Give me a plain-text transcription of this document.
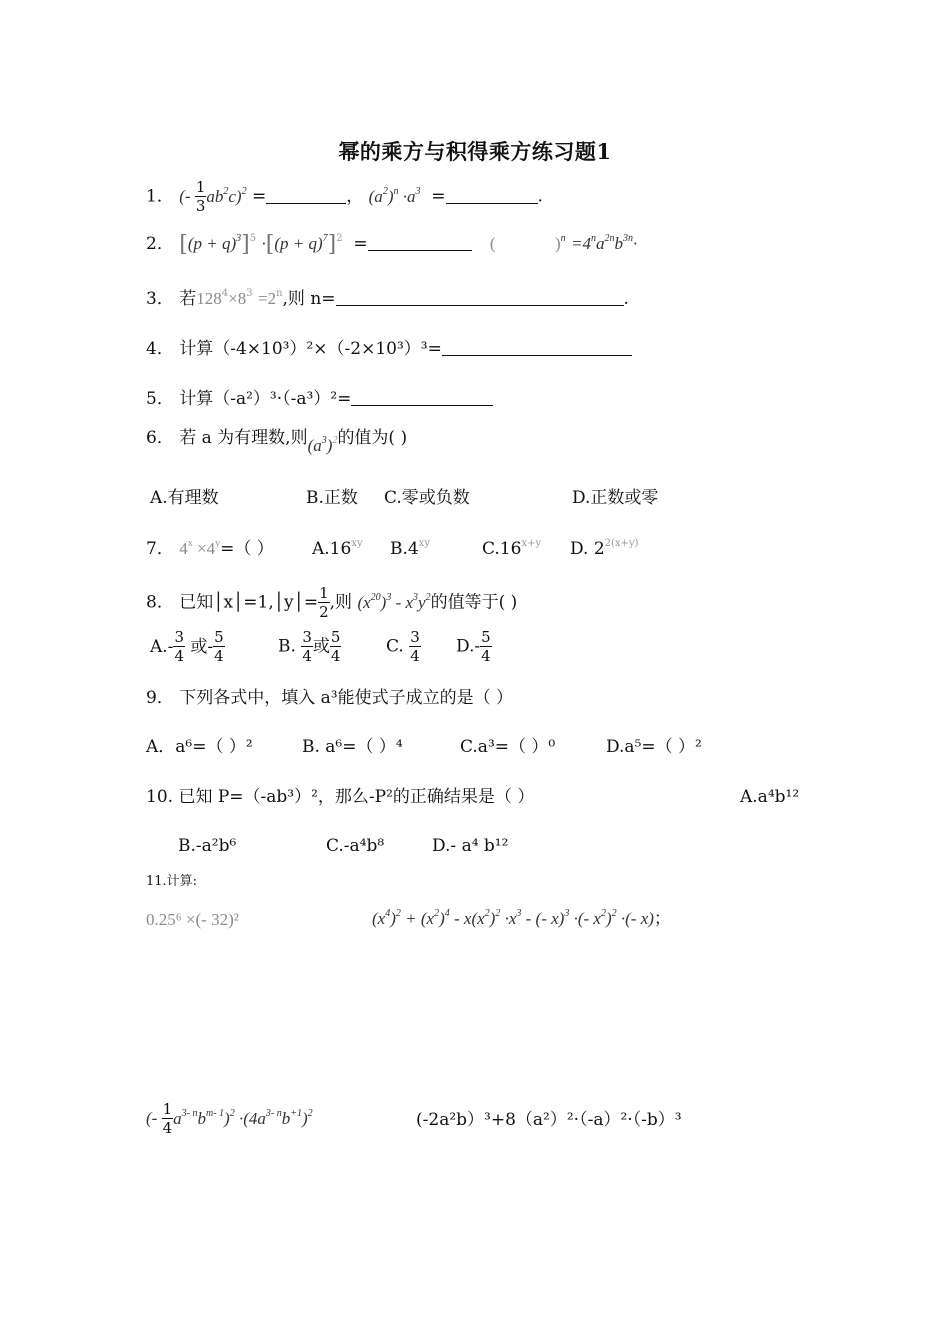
幂的乘方与积得乘方练习题1
1． (- $\frac{1}{3} ab^2c)^2$ =	， $(a^2)^n \cdot a^3$  =	.
2． $[(p + q)^3]^5 \cdot[(p + q)^7]^2$  =	(              )$^n =4^na^{2n}b^{3n}\cdot$
3． 若$128^4\times 8^3 =2^n$,则 n=	.
4． 计算（-4×10³）²×（-2×10³）³=
5． 计算（-a²）³·（-a³）²=
6． 若 a 为有理数,则$(a^3)^2$的值为( )
A.有理数	B.正数 C.零或负数	D.正数或零
7． $4^x \times 4^y=$（ ） $A.16^{xy}$ $B.4^{xy}$	$C.16^{x+y}$ D. $2^{2(x+y)}$
8． 已知│x│=1,│y│= $\frac{1}{2}$ ,则 $(x^{20})^3 - x^3y^2$的值等于( )
$A.- \frac{3}{4}$ 或- $\frac{5}{4}$	B. $\frac{3}{4}$ 或 $\frac{5}{4}$	C. $\frac{3}{4} D.- \frac{5}{4}$
9． 下列各式中，填入 a³能使式子成立的是（ ）
A．a⁶=（ ）²	B. a⁶=（ ）⁴	C.a³=（ ）⁰	D.a⁵=（ ）²
10. 已知 P=（-ab³）²，那么-P²的正确结果是（ ）	A.a⁴b¹²
B.-a²b⁶	C.-a⁴b⁸	D.- a⁴ b¹²
11.计算:
0.25⁶ ×(- 32)²	$(x^4)^2 + (x^2)^4 - x(x^2)^2 \cdot x^3$ - (- x)$^3$ ·(- $x^2)^2$ ·(- x)；
(- $\frac{1}{4} a^{3- n}b^{m- 1})^2 \cdot(4a^{3- n}b^{+1})^2$	(-2a²b）³+8（a²）²·（-a）²·（-b）³
